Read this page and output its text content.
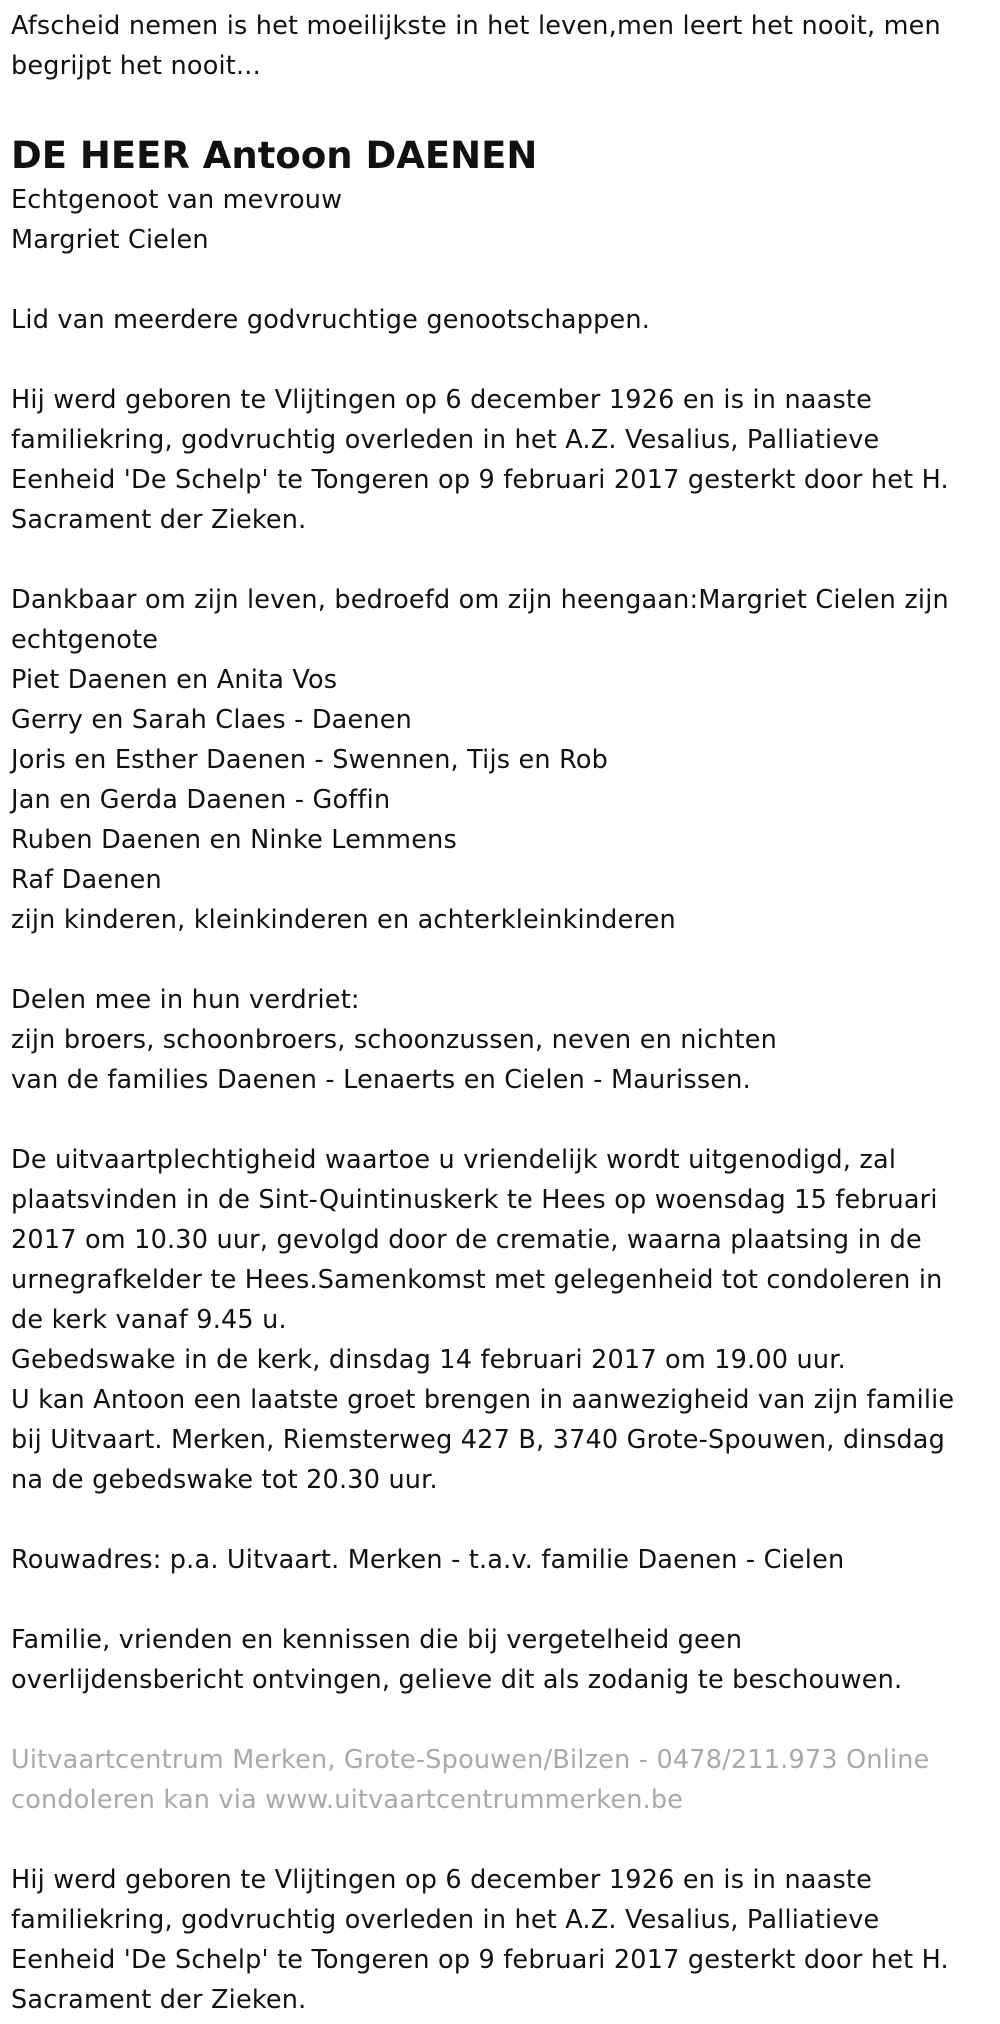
Afscheid nemen is het moeilijkste in het leven,men leert het nooit, men
begrijpt het nooit...
DE HEER Antoon DAENEN
Echtgenoot van mevrouw
Margriet Cielen
Lid van meerdere godvruchtige genootschappen.
Hij werd geboren te Vlijtingen op 6 december 1926 en is in naaste
familiekring, godvruchtig overleden in het A.Z. Vesalius, Palliatieve
Eenheid 'De Schelp' te Tongeren op 9 februari 2017 gesterkt door het H.
Sacrament der Zieken.
Dankbaar om zijn leven, bedroefd om zijn heengaan:Margriet Cielen zijn
echtgenote
Piet Daenen en Anita Vos
Gerry en Sarah Claes - Daenen
Joris en Esther Daenen - Swennen, Tijs en Rob
Jan en Gerda Daenen - Goffin
Ruben Daenen en Ninke Lemmens
Raf Daenen
zijn kinderen, kleinkinderen en achterkleinkinderen
Delen mee in hun verdriet:
zijn broers, schoonbroers, schoonzussen, neven en nichten
van de families Daenen - Lenaerts en Cielen - Maurissen.
De uitvaartplechtigheid waartoe u vriendelijk wordt uitgenodigd, zal
plaatsvinden in de Sint-Quintinuskerk te Hees op woensdag 15 februari
2017 om 10.30 uur, gevolgd door de crematie, waarna plaatsing in de
urnegrafkelder te Hees.Samenkomst met gelegenheid tot condoleren in
de kerk vanaf 9.45 u.
Gebedswake in de kerk, dinsdag 14 februari 2017 om 19.00 uur.
U kan Antoon een laatste groet brengen in aanwezigheid van zijn familie
bij Uitvaart. Merken, Riemsterweg 427 B, 3740 Grote-Spouwen, dinsdag
na de gebedswake tot 20.30 uur.
Rouwadres: p.a. Uitvaart. Merken - t.a.v. familie Daenen - Cielen
Familie, vrienden en kennissen die bij vergetelheid geen
overlijdensbericht ontvingen, gelieve dit als zodanig te beschouwen.
Uitvaartcentrum Merken, Grote-Spouwen/Bilzen - 0478/211.973 Online
condoleren kan via www.uitvaartcentrummerken.be
Hij werd geboren te Vlijtingen op 6 december 1926 en is in naaste
familiekring, godvruchtig overleden in het A.Z. Vesalius, Palliatieve
Eenheid 'De Schelp' te Tongeren op 9 februari 2017 gesterkt door het H.
Sacrament der Zieken.
